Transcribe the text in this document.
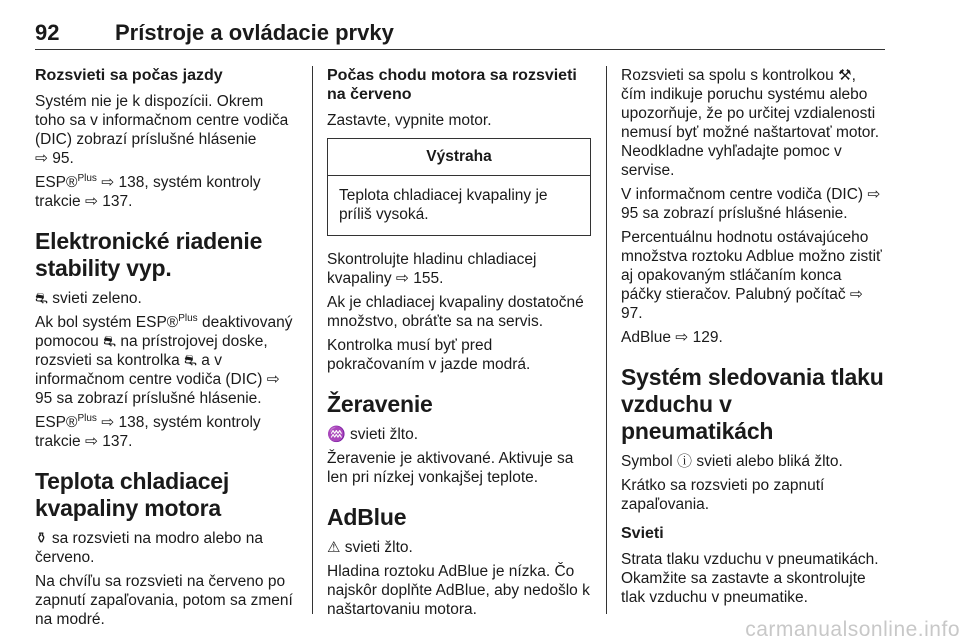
92	Prístroje a ovládacie prvky
Rozsvieti sa počas jazdy

Systém nie je k dispozícii. Okrem toho sa v informačnom centre vodiča (DIC) zobrazí príslušné hlásenie
⇨ 95.

ESP®$^{Plus}$ ⇨ 138, systém kontroly trakcie ⇨ 137.

Elektronické riadenie stability vyp.

⛐ svieti zeleno.

Ak bol systém ESP®$^{Plus}$ deaktivovaný pomocou ⛐ na prístrojovej doske, rozsvieti sa kontrolka ⛐ a v informačnom centre vodiča (DIC) ⇨ 95 sa zobrazí príslušné hlásenie.

ESP®$^{Plus}$ ⇨ 138, systém kontroly trakcie ⇨ 137.

Teplota chladiacej kvapaliny motora

⚱ sa rozsvieti na modro alebo na červeno.

Na chvíľu sa rozsvieti na červeno po zapnutí zapaľovania, potom sa zmení na modré.

Počas chodu motora sa rozsvieti na červeno

Zastavte, vypnite motor.

Výstraha
Teplota chladiacej kvapaliny je príliš vysoká.

Skontrolujte hladinu chladiacej kvapaliny ⇨ 155.

Ak je chladiacej kvapaliny dostatočné množstvo, obráťte sa na servis.

Kontrolka musí byť pred pokračovaním v jazde modrá.

Žeravenie

♒ svieti žlto.

Žeravenie je aktivované. Aktivuje sa len pri nízkej vonkajšej teplote.

AdBlue

⚠ svieti žlto.

Hladina roztoku AdBlue je nízka. Čo najskôr doplňte AdBlue, aby nedošlo k naštartovaniu motora.

Rozsvieti sa spolu s kontrolkou ⚒, čím indikuje poruchu systému alebo upozorňuje, že po určitej vzdialenosti nemusí byť možné naštartovať motor. Neodkladne vyhľadajte pomoc v servise.

V informačnom centre vodiča (DIC) ⇨ 95 sa zobrazí príslušné hlásenie.

Percentuálnu hodnotu ostávajúceho množstva roztoku Adblue možno zistiť aj opakovaným stláčaním konca páčky stieračov. Palubný počítač ⇨ 97.

AdBlue ⇨ 129.

Systém sledovania tlaku vzduchu v pneumatikách

Symbol ⓘ svieti alebo bliká žlto.

Krátko sa rozsvieti po zapnutí zapaľovania.

Svieti

Strata tlaku vzduchu v pneumatikách. Okamžite sa zastavte a skontrolujte tlak vzduchu v pneumatike.

carmanualsonline.info
